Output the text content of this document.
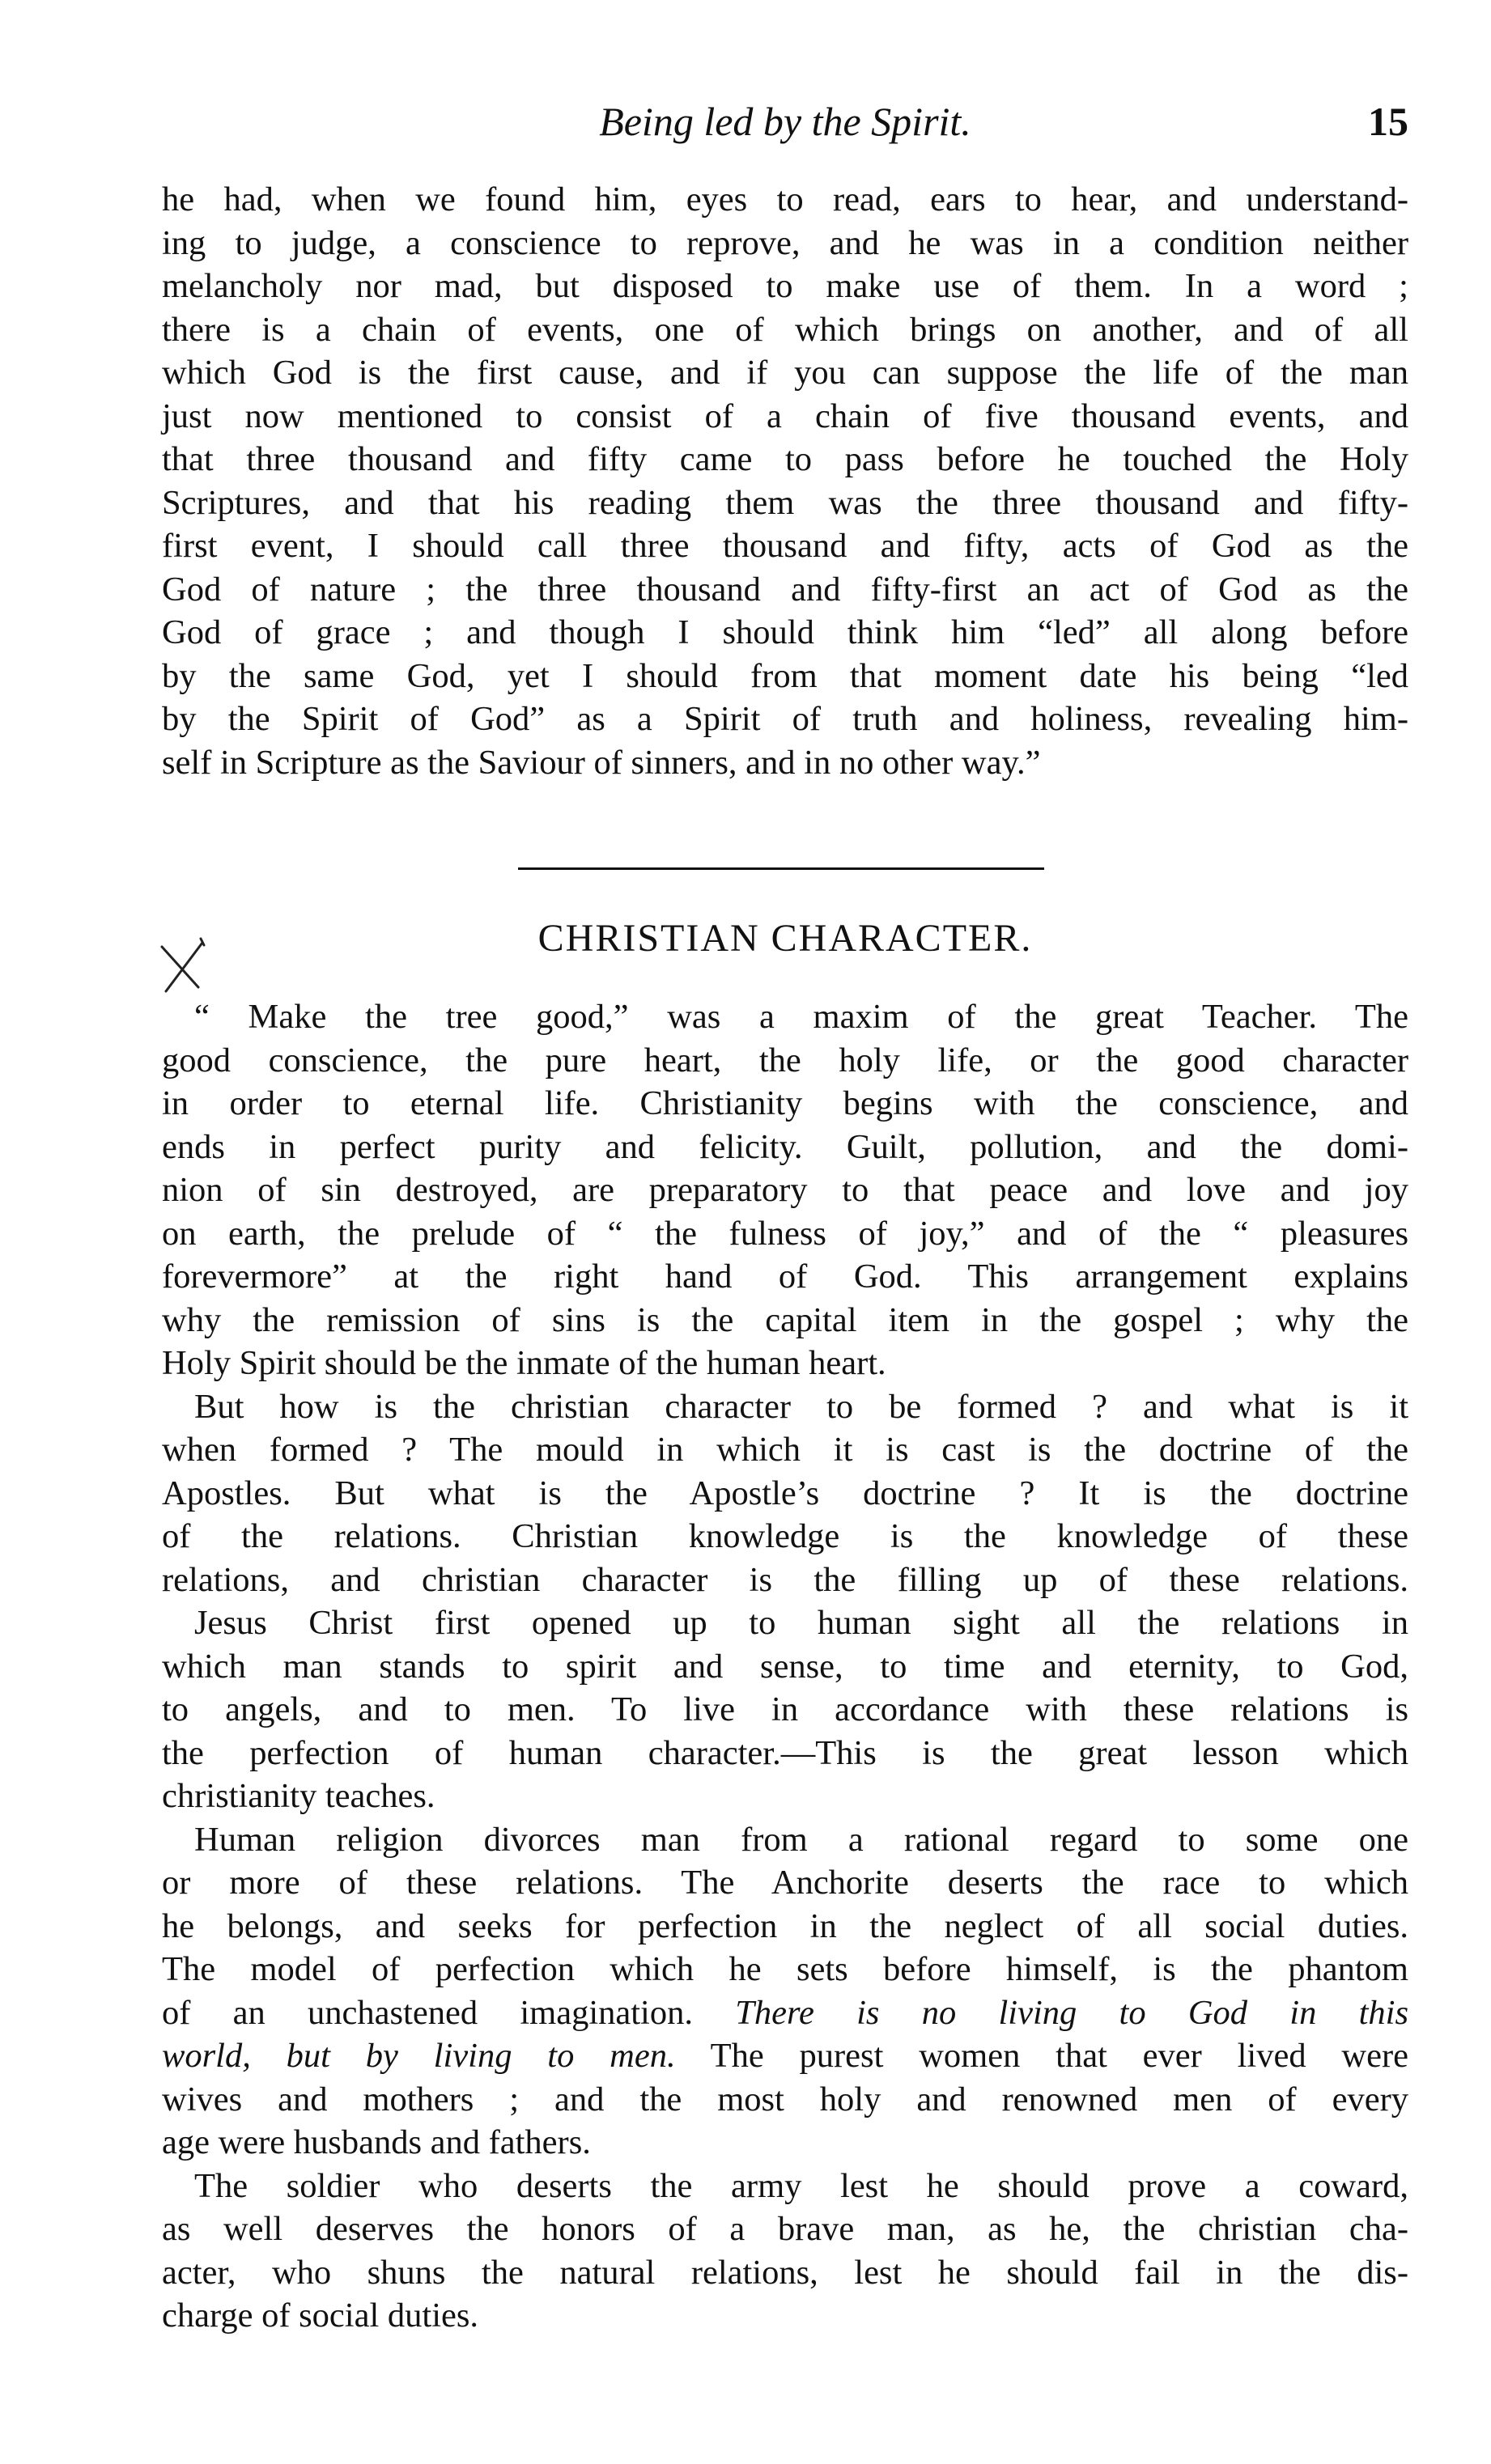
Being led by the Spirit.	15
he had, when we found him, eyes to read, ears to hear, and understand-
ing to judge, a conscience to reprove, and he was in a condition neither
melancholy nor mad, but disposed to make use of them. In a word ;
there is a chain of events, one of which brings on another, and of all
which God is the first cause, and if you can suppose the life of the man
just now mentioned to consist of a chain of five thousand events, and
that three thousand and fifty came to pass before he touched the Holy
Scriptures, and that his reading them was the three thousand and fifty-
first event, I should call three thousand and fifty, acts of God as the
God of nature ; the three thousand and fifty-first an act of God as the
God of grace ; and though I should think him “led” all along before
by the same God, yet I should from that moment date his being “led
by the Spirit of God” as a Spirit of truth and holiness, revealing him-
self in Scripture as the Saviour of sinners, and in no other way.”
CHRISTIAN CHARACTER.
“ Make the tree good,” was a maxim of the great Teacher. The
good conscience, the pure heart, the holy life, or the good character
in order to eternal life. Christianity begins with the conscience, and
ends in perfect purity and felicity. Guilt, pollution, and the domi-
nion of sin destroyed, are preparatory to that peace and love and joy
on earth, the prelude of “ the fulness of joy,” and of the “ pleasures
forevermore” at the right hand of God. This arrangement explains
why the remission of sins is the capital item in the gospel ; why the
Holy Spirit should be the inmate of the human heart.
But how is the christian character to be formed ? and what is it
when formed ? The mould in which it is cast is the doctrine of the
Apostles. But what is the Apostle’s doctrine ? It is the doctrine
of the relations. Christian knowledge is the knowledge of these
relations, and christian character is the filling up of these relations.
Jesus Christ first opened up to human sight all the relations in
which man stands to spirit and sense, to time and eternity, to God,
to angels, and to men. To live in accordance with these relations is
the perfection of human character.—This is the great lesson which
christianity teaches.
Human religion divorces man from a rational regard to some one
or more of these relations. The Anchorite deserts the race to which
he belongs, and seeks for perfection in the neglect of all social duties.
The model of perfection which he sets before himself, is the phantom
of an unchastened imagination. There is no living to God in this
world, but by living to men. The purest women that ever lived were
wives and mothers ; and the most holy and renowned men of every
age were husbands and fathers.
The soldier who deserts the army lest he should prove a coward,
as well deserves the honors of a brave man, as he, the christian cha-
acter, who shuns the natural relations, lest he should fail in the dis-
charge of social duties.
